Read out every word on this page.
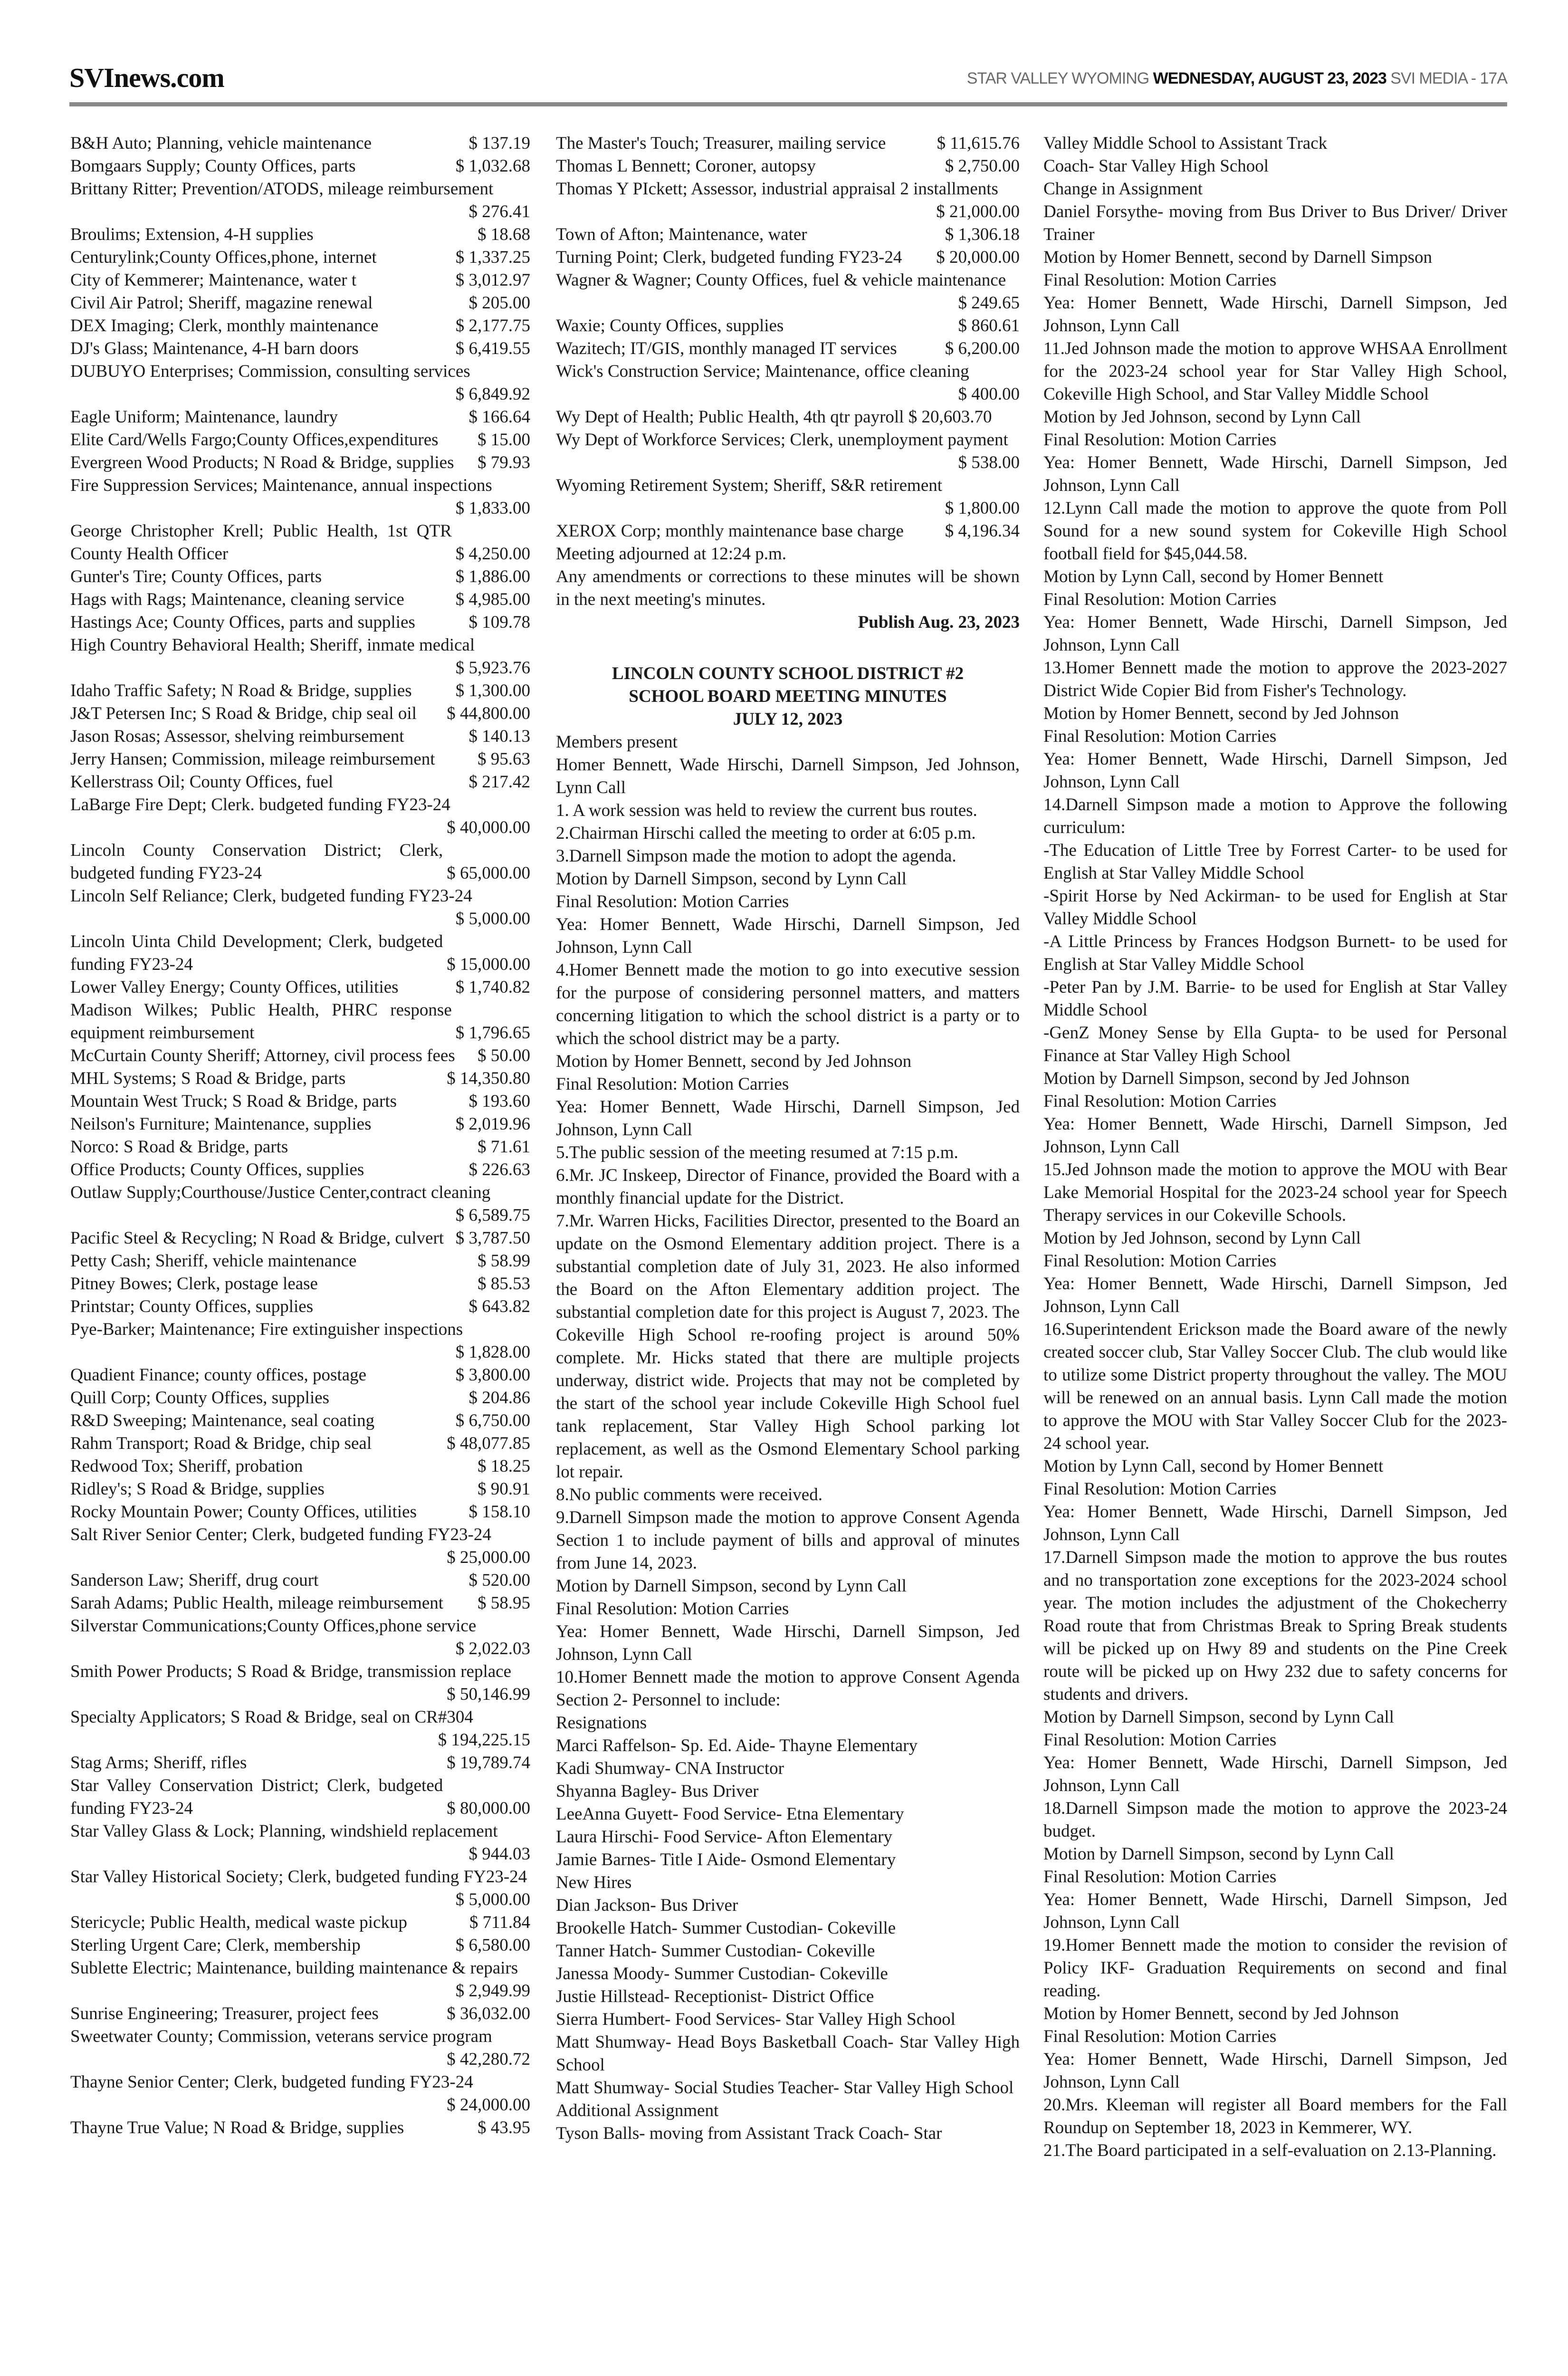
SVInews.com	STAR VALLEY WYOMING WEDNESDAY, AUGUST 23, 2023 SVI MEDIA - 17A
B&H Auto; Planning, vehicle maintenance	$ 137.19
Bomgaars Supply; County Offices, parts	$ 1,032.68
Brittany Ritter; Prevention/ATODS, mileage reimbursement
$ 276.41
Broulims; Extension, 4-H supplies	$ 18.68
Centurylink;County Offices,phone, internet	$ 1,337.25
City of Kemmerer; Maintenance, water t	$ 3,012.97
Civil Air Patrol; Sheriff, magazine renewal	$ 205.00
DEX Imaging; Clerk, monthly maintenance	$ 2,177.75
DJ's Glass; Maintenance, 4-H barn doors	$ 6,419.55
DUBUYO Enterprises; Commission, consulting services
$ 6,849.92
Eagle Uniform; Maintenance, laundry	$ 166.64
Elite Card/Wells Fargo;County Offices,expenditures $ 15.00
Evergreen Wood Products; N Road & Bridge, supplies $ 79.93
Fire Suppression Services; Maintenance, annual inspections
$ 1,833.00
George Christopher Krell; Public Health, 1st QTR County Health Officer	$ 4,250.00
Gunter's Tire; County Offices, parts	$ 1,886.00
Hags with Rags; Maintenance, cleaning service	$ 4,985.00
Hastings Ace; County Offices, parts and supplies	$ 109.78
High Country Behavioral Health; Sheriff, inmate medical
$ 5,923.76
Idaho Traffic Safety; N Road & Bridge, supplies $ 1,300.00
J&T Petersen Inc; S Road & Bridge, chip seal oil $ 44,800.00
Jason Rosas; Assessor, shelving reimbursement	$ 140.13
Jerry Hansen; Commission, mileage reimbursement $ 95.63
Kellerstrass Oil; County Offices, fuel	$ 217.42
LaBarge Fire Dept; Clerk. budgeted funding FY23-24
$ 40,000.00
Lincoln County Conservation District; Clerk, budgeted funding FY23-24	$ 65,000.00
Lincoln Self Reliance; Clerk, budgeted funding FY23-24
$ 5,000.00
Lincoln Uinta Child Development; Clerk, budgeted funding FY23-24	$ 15,000.00
Lower Valley Energy; County Offices, utilities	$ 1,740.82
Madison Wilkes; Public Health, PHRC response equipment reimbursement	$ 1,796.65
McCurtain County Sheriff; Attorney, civil process fees $ 50.00
MHL Systems; S Road & Bridge, parts	$ 14,350.80
Mountain West Truck; S Road & Bridge, parts	$ 193.60
Neilson's Furniture; Maintenance, supplies	$ 2,019.96
Norco: S Road & Bridge, parts	$ 71.61
Office Products; County Offices, supplies	$ 226.63
Outlaw Supply;Courthouse/Justice Center,contract cleaning
$ 6,589.75
Pacific Steel & Recycling; N Road & Bridge, culvert $ 3,787.50
Petty Cash; Sheriff, vehicle maintenance	$ 58.99
Pitney Bowes; Clerk, postage lease	$ 85.53
Printstar; County Offices, supplies	$ 643.82
Pye-Barker; Maintenance; Fire extinguisher inspections
$ 1,828.00
Quadient Finance; county offices, postage	$ 3,800.00
Quill Corp; County Offices, supplies	$ 204.86
R&D Sweeping; Maintenance, seal coating	$ 6,750.00
Rahm Transport; Road & Bridge, chip seal	$ 48,077.85
Redwood Tox; Sheriff, probation	$ 18.25
Ridley's; S Road & Bridge, supplies	$ 90.91
Rocky Mountain Power; County Offices, utilities	$ 158.10
Salt River Senior Center; Clerk, budgeted funding FY23-24
$ 25,000.00
Sanderson Law; Sheriff, drug court	$ 520.00
Sarah Adams; Public Health, mileage reimbursement $ 58.95
Silverstar Communications;County Offices,phone service
$ 2,022.03
Smith Power Products; S Road & Bridge, transmission replace
$ 50,146.99
Specialty Applicators; S Road & Bridge, seal on CR#304
$ 194,225.15
Stag Arms; Sheriff, rifles	$ 19,789.74
Star Valley Conservation District; Clerk, budgeted funding FY23-24	$ 80,000.00
Star Valley Glass & Lock; Planning, windshield replacement
$ 944.03
Star Valley Historical Society; Clerk, budgeted funding FY23-24
$ 5,000.00
Stericycle; Public Health, medical waste pickup	$ 711.84
Sterling Urgent Care; Clerk, membership	$ 6,580.00
Sublette Electric; Maintenance, building maintenance & repairs
$ 2,949.99
Sunrise Engineering; Treasurer, project fees	$ 36,032.00
Sweetwater County; Commission, veterans service program
$ 42,280.72
Thayne Senior Center; Clerk, budgeted funding FY23-24
$ 24,000.00
Thayne True Value; N Road & Bridge, supplies	$ 43.95
The Master's Touch; Treasurer, mailing service	$ 11,615.76
Thomas L Bennett; Coroner, autopsy	$ 2,750.00
Thomas Y PIckett; Assessor, industrial appraisal 2 installments
$ 21,000.00
Town of Afton; Maintenance, water	$ 1,306.18
Turning Point; Clerk, budgeted funding FY23-24 $ 20,000.00
Wagner & Wagner; County Offices, fuel & vehicle maintenance
$ 249.65
Waxie; County Offices, supplies	$ 860.61
Wazitech; IT/GIS, monthly managed IT services	$ 6,200.00
Wick's Construction Service; Maintenance, office cleaning
$ 400.00
Wy Dept of Health; Public Health, 4th qtr payroll $ 20,603.70
Wy Dept of Workforce Services; Clerk, unemployment payment
$ 538.00
Wyoming Retirement System; Sheriff, S&R retirement
$ 1,800.00
XEROX Corp; monthly maintenance base charge $ 4,196.34
Meeting adjourned at 12:24 p.m.
Any amendments or corrections to these minutes will be shown in the next meeting's minutes.
Publish Aug. 23, 2023
LINCOLN COUNTY SCHOOL DISTRICT #2
SCHOOL BOARD MEETING MINUTES
JULY 12, 2023
Members present
Homer Bennett, Wade Hirschi, Darnell Simpson, Jed Johnson, Lynn Call
1. A work session was held to review the current bus routes.
2.Chairman Hirschi called the meeting to order at 6:05 p.m.
3.Darnell Simpson made the motion to adopt the agenda.
Motion by Darnell Simpson, second by Lynn Call
Final Resolution: Motion Carries
Yea: Homer Bennett, Wade Hirschi, Darnell Simpson, Jed Johnson, Lynn Call
4.Homer Bennett made the motion to go into executive session for the purpose of considering personnel matters, and matters concerning litigation to which the school district is a party or to which the school district may be a party.
Motion by Homer Bennett, second by Jed Johnson
Final Resolution: Motion Carries
Yea: Homer Bennett, Wade Hirschi, Darnell Simpson, Jed Johnson, Lynn Call
5.The public session of the meeting resumed at 7:15 p.m.
6.Mr. JC Inskeep, Director of Finance, provided the Board with a monthly financial update for the District.
7.Mr. Warren Hicks, Facilities Director, presented to the Board an update on the Osmond Elementary addition project. There is a substantial completion date of July 31, 2023. He also informed the Board on the Afton Elementary addition project. The substantial completion date for this project is August 7, 2023. The Cokeville High School re-roofing project is around 50% complete. Mr. Hicks stated that there are multiple projects underway, district wide. Projects that may not be completed by the start of the school year include Cokeville High School fuel tank replacement, Star Valley High School parking lot replacement, as well as the Osmond Elementary School parking lot repair.
8.No public comments were received.
9.Darnell Simpson made the motion to approve Consent Agenda Section 1 to include payment of bills and approval of minutes from June 14, 2023.
Motion by Darnell Simpson, second by Lynn Call
Final Resolution: Motion Carries
Yea: Homer Bennett, Wade Hirschi, Darnell Simpson, Jed Johnson, Lynn Call
10.Homer Bennett made the motion to approve Consent Agenda Section 2- Personnel to include:
Resignations
Marci Raffelson- Sp. Ed. Aide- Thayne Elementary
Kadi Shumway- CNA Instructor
Shyanna Bagley- Bus Driver
LeeAnna Guyett- Food Service- Etna Elementary
Laura Hirschi- Food Service- Afton Elementary
Jamie Barnes- Title I Aide- Osmond Elementary
New Hires
Dian Jackson- Bus Driver
Brookelle Hatch- Summer Custodian- Cokeville
Tanner Hatch- Summer Custodian- Cokeville
Janessa Moody- Summer Custodian- Cokeville
Justie Hillstead- Receptionist- District Office
Sierra Humbert- Food Services- Star Valley High School
Matt Shumway- Head Boys Basketball Coach- Star Valley High School
Matt Shumway- Social Studies Teacher- Star Valley High School
Additional Assignment
Tyson Balls- moving from Assistant Track Coach- Star
Valley Middle School to Assistant Track
Coach- Star Valley High School
Change in Assignment
Daniel Forsythe- moving from Bus Driver to Bus Driver/ Driver Trainer
Motion by Homer Bennett, second by Darnell Simpson
Final Resolution: Motion Carries
Yea: Homer Bennett, Wade Hirschi, Darnell Simpson, Jed Johnson, Lynn Call
11.Jed Johnson made the motion to approve WHSAA Enrollment for the 2023-24 school year for Star Valley High School, Cokeville High School, and Star Valley Middle School
Motion by Jed Johnson, second by Lynn Call
Final Resolution: Motion Carries
Yea: Homer Bennett, Wade Hirschi, Darnell Simpson, Jed Johnson, Lynn Call
12.Lynn Call made the motion to approve the quote from Poll Sound for a new sound system for Cokeville High School football field for $45,044.58.
Motion by Lynn Call, second by Homer Bennett
Final Resolution: Motion Carries
Yea: Homer Bennett, Wade Hirschi, Darnell Simpson, Jed Johnson, Lynn Call
13.Homer Bennett made the motion to approve the 2023-2027 District Wide Copier Bid from Fisher's Technology.
Motion by Homer Bennett, second by Jed Johnson
Final Resolution: Motion Carries
Yea: Homer Bennett, Wade Hirschi, Darnell Simpson, Jed Johnson, Lynn Call
14.Darnell Simpson made a motion to Approve the following curriculum:
-The Education of Little Tree by Forrest Carter- to be used for English at Star Valley Middle School
-Spirit Horse by Ned Ackirman- to be used for English at Star Valley Middle School
-A Little Princess by Frances Hodgson Burnett- to be used for English at Star Valley Middle School
-Peter Pan by J.M. Barrie- to be used for English at Star Valley Middle School
-GenZ Money Sense by Ella Gupta- to be used for Personal Finance at Star Valley High School
Motion by Darnell Simpson, second by Jed Johnson
Final Resolution: Motion Carries
Yea: Homer Bennett, Wade Hirschi, Darnell Simpson, Jed Johnson, Lynn Call
15.Jed Johnson made the motion to approve the MOU with Bear Lake Memorial Hospital for the 2023-24 school year for Speech Therapy services in our Cokeville Schools.
Motion by Jed Johnson, second by Lynn Call
Final Resolution: Motion Carries
Yea: Homer Bennett, Wade Hirschi, Darnell Simpson, Jed Johnson, Lynn Call
16.Superintendent Erickson made the Board aware of the newly created soccer club, Star Valley Soccer Club. The club would like to utilize some District property throughout the valley. The MOU will be renewed on an annual basis. Lynn Call made the motion to approve the MOU with Star Valley Soccer Club for the 2023-24 school year.
Motion by Lynn Call, second by Homer Bennett
Final Resolution: Motion Carries
Yea: Homer Bennett, Wade Hirschi, Darnell Simpson, Jed Johnson, Lynn Call
17.Darnell Simpson made the motion to approve the bus routes and no transportation zone exceptions for the 2023-2024 school year. The motion includes the adjustment of the Chokecherry Road route that from Christmas Break to Spring Break students will be picked up on Hwy 89 and students on the Pine Creek route will be picked up on Hwy 232 due to safety concerns for students and drivers.
Motion by Darnell Simpson, second by Lynn Call
Final Resolution: Motion Carries
Yea: Homer Bennett, Wade Hirschi, Darnell Simpson, Jed Johnson, Lynn Call
18.Darnell Simpson made the motion to approve the 2023-24 budget.
Motion by Darnell Simpson, second by Lynn Call
Final Resolution: Motion Carries
Yea: Homer Bennett, Wade Hirschi, Darnell Simpson, Jed Johnson, Lynn Call
19.Homer Bennett made the motion to consider the revision of Policy IKF- Graduation Requirements on second and final reading.
Motion by Homer Bennett, second by Jed Johnson
Final Resolution: Motion Carries
Yea: Homer Bennett, Wade Hirschi, Darnell Simpson, Jed Johnson, Lynn Call
20.Mrs. Kleeman will register all Board members for the Fall Roundup on September 18, 2023 in Kemmerer, WY.
21.The Board participated in a self-evaluation on 2.13-Planning.
